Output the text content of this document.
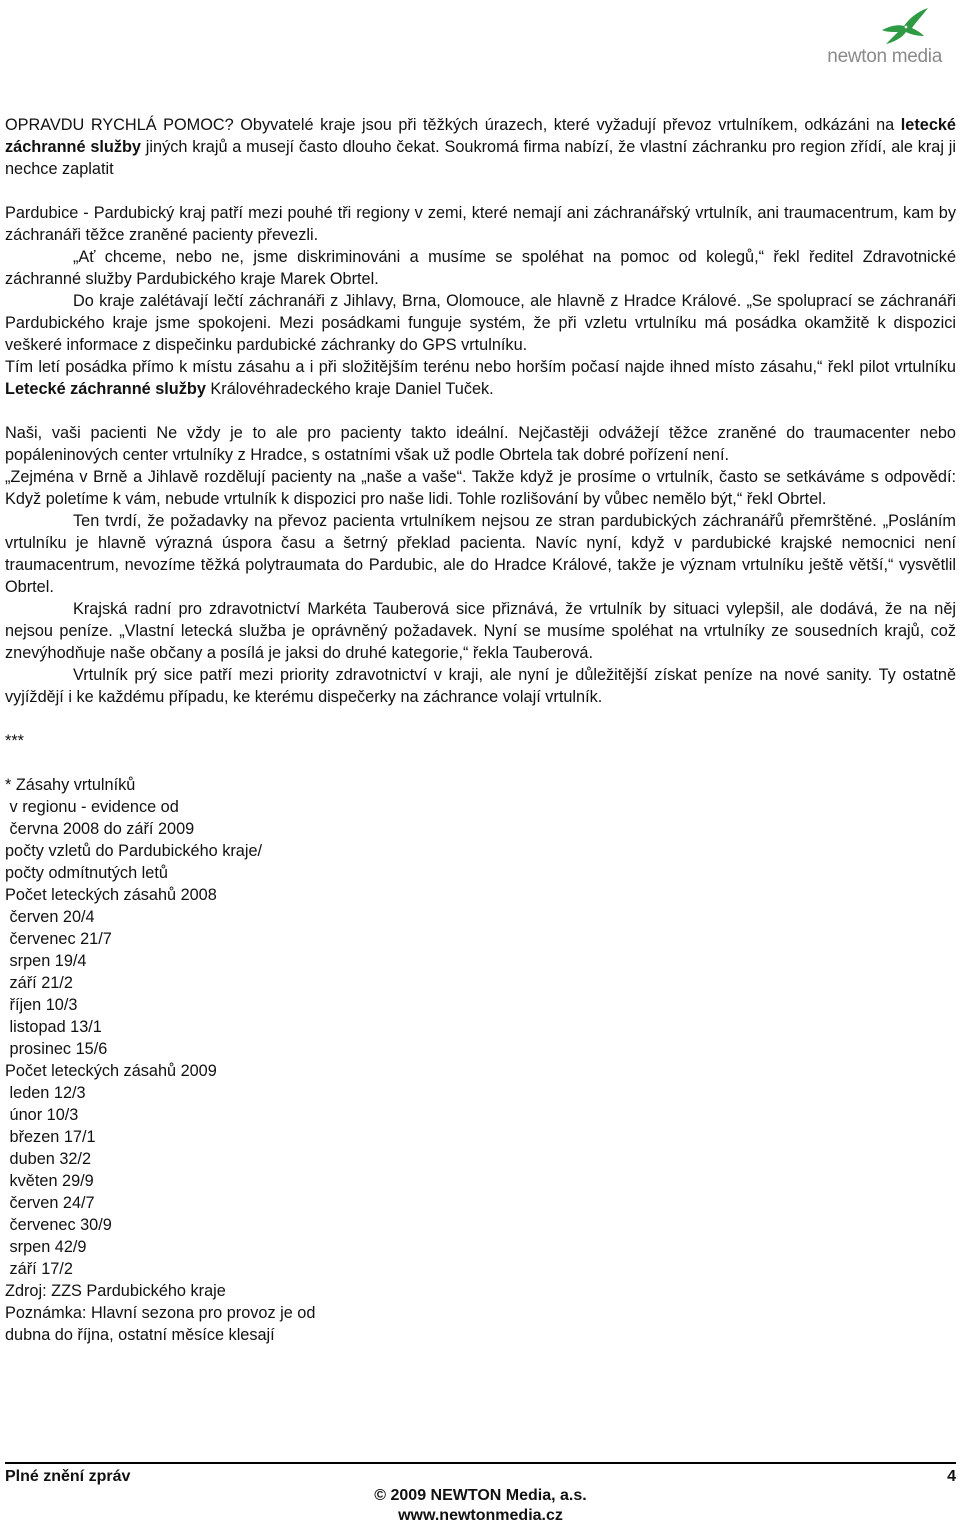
newton media

OPRAVDU RYCHLÁ POMOC? Obyvatelé kraje jsou při těžkých úrazech, které vyžadují převoz vrtulníkem, odkázáni na letecké záchranné služby jiných krajů a musejí často dlouho čekat. Soukromá firma nabízí, že vlastní záchranku pro region zřídí, ale kraj ji nechce zaplatit

Pardubice - Pardubický kraj patří mezi pouhé tři regiony v zemi, které nemají ani záchranářský vrtulník, ani traumacentrum, kam by záchranáři těžce zraněné pacienty převezli.

„Ať chceme, nebo ne, jsme diskriminováni a musíme se spoléhat na pomoc od kolegů,“ řekl ředitel Zdravotnické záchranné služby Pardubického kraje Marek Obrtel.

Do kraje zalétávají lečtí záchranáři z Jihlavy, Brna, Olomouce, ale hlavně z Hradce Králové. „Se spoluprací se záchranáři Pardubického kraje jsme spokojeni. Mezi posádkami funguje systém, že při vzletu vrtulníku má posádka okamžitě k dispozici veškeré informace z dispečinku pardubické záchranky do GPS vrtulníku.

Tím letí posádka přímo k místu zásahu a i při složitějším terénu nebo horším počasí najde ihned místo zásahu,“ řekl pilot vrtulníku Letecké záchranné služby Královéhradeckého kraje Daniel Tuček.

Naši, vaši pacienti Ne vždy je to ale pro pacienty takto ideální. Nejčastěji odvážejí těžce zraněné do traumacenter nebo popáleninových center vrtulníky z Hradce, s ostatními však už podle Obrtela tak dobré pořízení není.

„Zejména v Brně a Jihlavě rozdělují pacienty na „naše a vaše“. Takže když je prosíme o vrtulník, často se setkáváme s odpovědí: Když poletíme k vám, nebude vrtulník k dispozici pro naše lidi. Tohle rozlišování by vůbec nemělo být,“ řekl Obrtel.

Ten tvrdí, že požadavky na převoz pacienta vrtulníkem nejsou ze stran pardubických záchranářů přemrštěné. „Posláním vrtulníku je hlavně výrazná úspora času a šetrný překlad pacienta. Navíc nyní, když v pardubické krajské nemocnici není traumacentrum, nevozíme těžká polytraumata do Pardubic, ale do Hradce Králové, takže je význam vrtulníku ještě větší,“ vysvětlil Obrtel.

Krajská radní pro zdravotnictví Markéta Tauberová sice přiznává, že vrtulník by situaci vylepšil, ale dodává, že na něj nejsou peníze. „Vlastní letecká služba je oprávněný požadavek. Nyní se musíme spoléhat na vrtulníky ze sousedních krajů, což znevýhodňuje naše občany a posílá je jaksi do druhé kategorie,“ řekla Tauberová.

Vrtulník prý sice patří mezi priority zdravotnictví v kraji, ale nyní je důležitější získat peníze na nové sanity. Ty ostatně vyjíždějí i ke každému případu, ke kterému dispečerky na záchrance volají vrtulník.

***

* Zásahy vrtulníků
v regionu - evidence od
června 2008 do září 2009
počty vzletů do Pardubického kraje/
počty odmítnutých letů
Počet leteckých zásahů 2008
červen 20/4
červenec 21/7
srpen 19/4
září 21/2
říjen 10/3
listopad 13/1
prosinec 15/6
Počet leteckých zásahů 2009
leden 12/3
únor 10/3
březen 17/1
duben 32/2
květen 29/9
červen 24/7
červenec 30/9
srpen 42/9
září 17/2
Zdroj: ZZS Pardubického kraje
Poznámka: Hlavní sezona pro provoz je od
dubna do října, ostatní měsíce klesají
Plné znění zpráv	4
© 2009 NEWTON Media, a.s.
www.newtonmedia.cz
